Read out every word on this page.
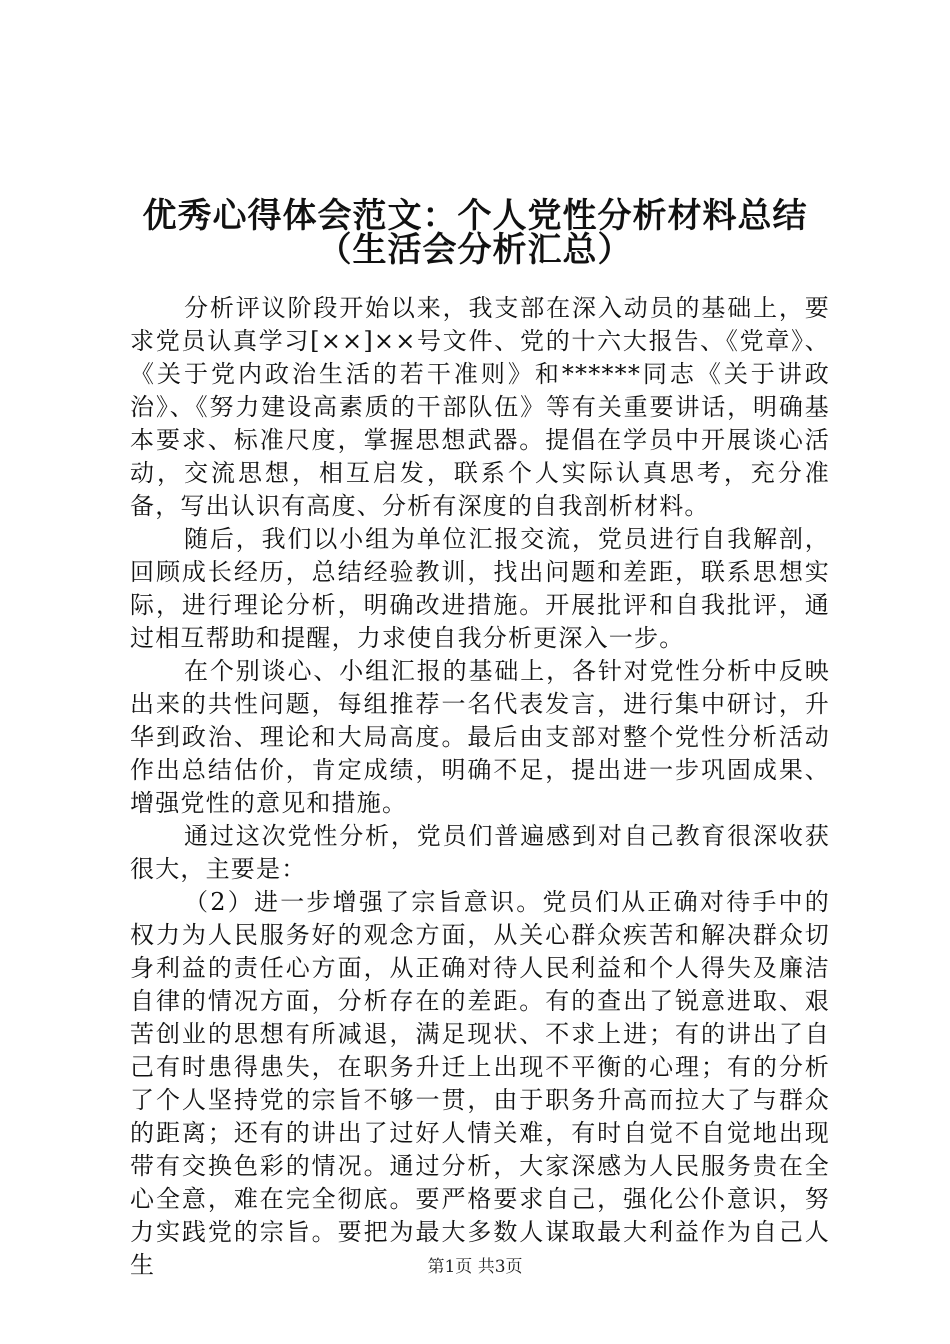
优秀心得体会范文：个人党性分析材料总结
（生活会分析汇总）

分析评议阶段开始以来，我支部在深入动员的基础上，要求党员认真学习[××]××号文件、党的十六大报告、《党章》、《关于党内政治生活的若干准则》和******同志《关于讲政治》、《努力建设高素质的干部队伍》等有关重要讲话，明确基本要求、标准尺度，掌握思想武器。提倡在学员中开展谈心活动，交流思想，相互启发，联系个人实际认真思考，充分准备，写出认识有高度、分析有深度的自我剖析材料。

随后，我们以小组为单位汇报交流，党员进行自我解剖，回顾成长经历，总结经验教训，找出问题和差距，联系思想实际，进行理论分析，明确改进措施。开展批评和自我批评，通过相互帮助和提醒，力求使自我分析更深入一步。

在个别谈心、小组汇报的基础上，各针对党性分析中反映出来的共性问题，每组推荐一名代表发言，进行集中研讨，升华到政治、理论和大局高度。最后由支部对整个党性分析活动作出总结估价，肯定成绩，明确不足，提出进一步巩固成果、增强党性的意见和措施。

通过这次党性分析，党员们普遍感到对自己教育很深收获很大，主要是：

（2）进一步增强了宗旨意识。党员们从正确对待手中的权力为人民服务好的观念方面，从关心群众疾苦和解决群众切身利益的责任心方面，从正确对待人民利益和个人得失及廉洁自律的情况方面，分析存在的差距。有的查出了锐意进取、艰苦创业的思想有所减退，满足现状、不求上进；有的讲出了自己有时患得患失，在职务升迁上出现不平衡的心理；有的分析了个人坚持党的宗旨不够一贯，由于职务升高而拉大了与群众的距离；还有的讲出了过好人情关难，有时自觉不自觉地出现带有交换色彩的情况。通过分析，大家深感为人民服务贵在全心全意，难在完全彻底。要严格要求自己，强化公仆意识，努力实践党的宗旨。要把为最大多数人谋取最大利益作为自己人生	第1页 共3页
